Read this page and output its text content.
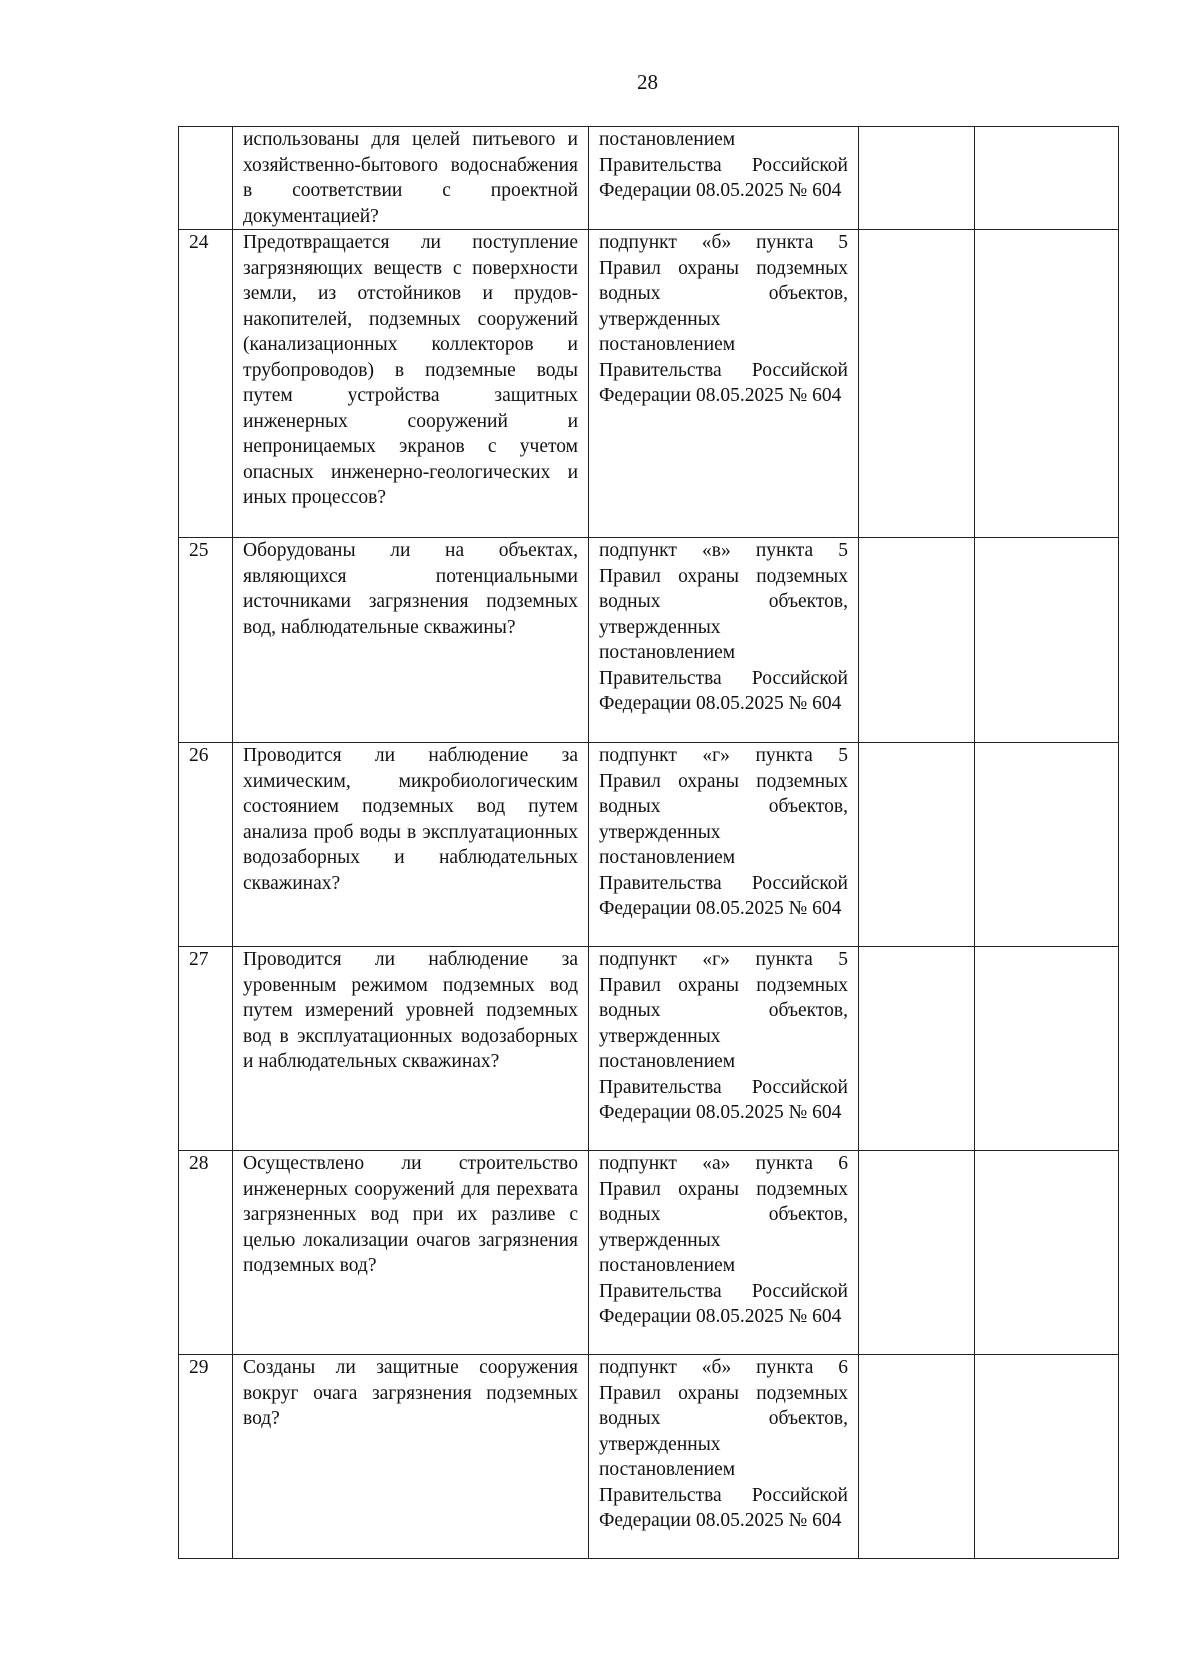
28
	использованы для целей питьевого и хозяйственно-бытового водоснабжения в соответствии с проектной документацией?	постановлением Правительства Российской Федерации 08.05.2025 № 604		
24	Предотвращается ли поступление загрязняющих веществ с поверхности земли, из отстойников и прудов-накопителей, подземных сооружений (канализационных коллекторов и трубопроводов) в подземные воды путем устройства защитных инженерных сооружений и непроницаемых экранов с учетом опасных инженерно-геологических и иных процессов?	подпункт «б» пункта 5 Правил охраны подземных водных объектов, утвержденных постановлением Правительства Российской Федерации 08.05.2025 № 604		
25	Оборудованы ли на объектах, являющихся потенциальными источниками загрязнения подземных вод, наблюдательные скважины?	подпункт «в» пункта 5 Правил охраны подземных водных объектов, утвержденных постановлением Правительства Российской Федерации 08.05.2025 № 604		
26	Проводится ли наблюдение за химическим, микробиологическим состоянием подземных вод путем анализа проб воды в эксплуатационных водозаборных и наблюдательных скважинах?	подпункт «г» пункта 5 Правил охраны подземных водных объектов, утвержденных постановлением Правительства Российской Федерации 08.05.2025 № 604		
27	Проводится ли наблюдение за уровенным режимом подземных вод путем измерений уровней подземных вод в эксплуатационных водозаборных и наблюдательных скважинах?	подпункт «г» пункта 5 Правил охраны подземных водных объектов, утвержденных постановлением Правительства Российской Федерации 08.05.2025 № 604		
28	Осуществлено ли строительство инженерных сооружений для перехвата загрязненных вод при их разливе с целью локализации очагов загрязнения подземных вод?	подпункт «а» пункта 6 Правил охраны подземных водных объектов, утвержденных постановлением Правительства Российской Федерации 08.05.2025 № 604		
29	Созданы ли защитные сооружения вокруг очага загрязнения подземных вод?	подпункт «б» пункта 6 Правил охраны подземных водных объектов, утвержденных постановлением Правительства Российской Федерации 08.05.2025 № 604		
